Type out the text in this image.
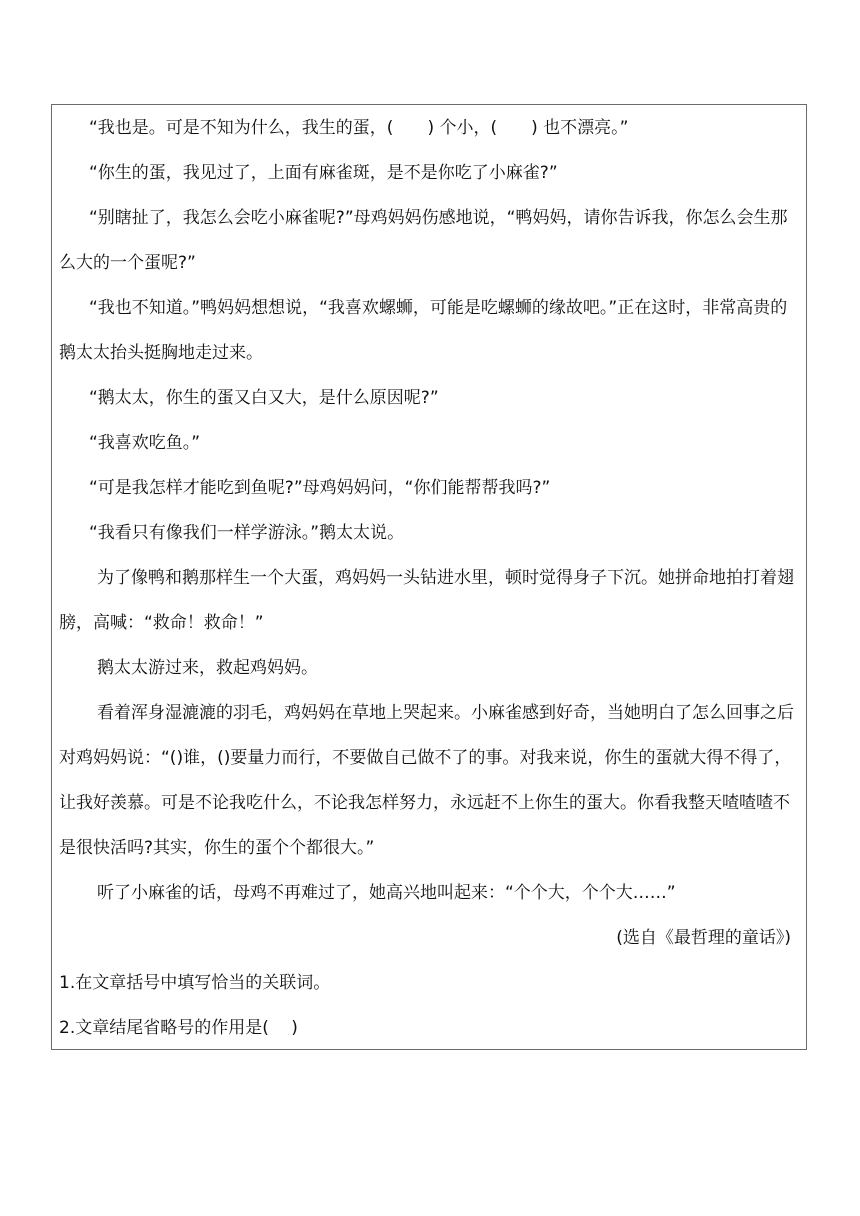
“我也是。可是不知为什么，我生的蛋，(　　) 个小，(　　) 也不漂亮。”

“你生的蛋，我见过了，上面有麻雀斑，是不是你吃了小麻雀?”

“别瞎扯了，我怎么会吃小麻雀呢?”母鸡妈妈伤感地说，“鸭妈妈，请你告诉我，你怎么会生那么大的一个蛋呢?”

“我也不知道。”鸭妈妈想想说，“我喜欢螺蛳，可能是吃螺蛳的缘故吧。”正在这时，非常高贵的鹅太太抬头挺胸地走过来。

“鹅太太，你生的蛋又白又大，是什么原因呢?”

“我喜欢吃鱼。”

“可是我怎样才能吃到鱼呢?”母鸡妈妈问，“你们能帮帮我吗?”

“我看只有像我们一样学游泳。”鹅太太说。

为了像鸭和鹅那样生一个大蛋，鸡妈妈一头钻进水里，顿时觉得身子下沉。她拼命地拍打着翅膀，高喊：“救命！救命！”

鹅太太游过来，救起鸡妈妈。

看着浑身湿漉漉的羽毛，鸡妈妈在草地上哭起来。小麻雀感到好奇，当她明白了怎么回事之后对鸡妈妈说：“()谁，()要量力而行，不要做自己做不了的事。对我来说，你生的蛋就大得不得了，让我好羡慕。可是不论我吃什么，不论我怎样努力，永远赶不上你生的蛋大。你看我整天喳喳喳不是很快活吗?其实，你生的蛋个个都很大。”

听了小麻雀的话，母鸡不再难过了，她高兴地叫起来：“个个大，个个大……”

(选自《最哲理的童话》)

1.在文章括号中填写恰当的关联词。

2.文章结尾省略号的作用是(　 )
